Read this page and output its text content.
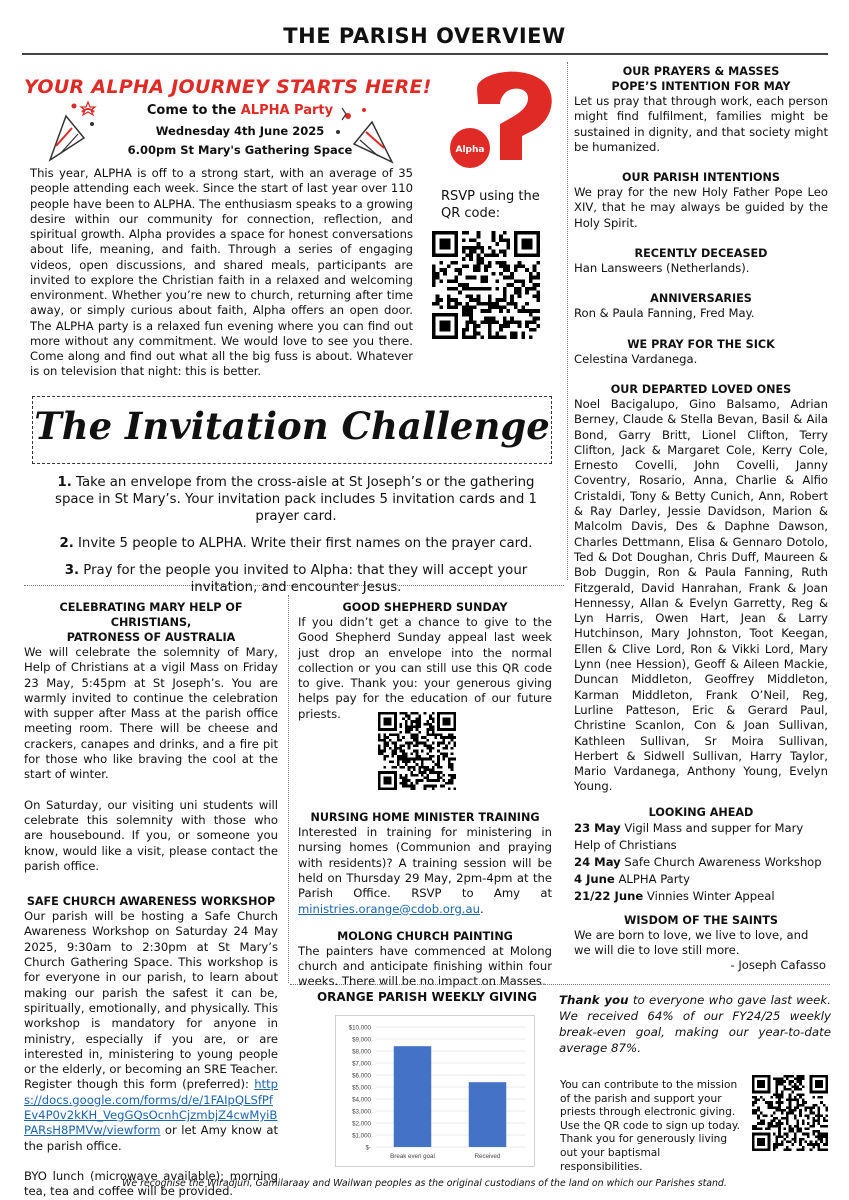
THE PARISH OVERVIEW
YOUR ALPHA JOURNEY STARTS HERE!
Come to the ALPHA Party
Wednesday 4th June 2025
6.00pm St Mary's Gathering Space	Alpha
This year, ALPHA is off to a strong start, with an average of 35 people attending each week. Since the start of last year over 110 people have been to ALPHA. The enthusiasm speaks to a growing desire within our community for connection, reflection, and spiritual growth. Alpha provides a space for honest conversations about life, meaning, and faith. Through a series of engaging videos, open discussions, and shared meals, participants are invited to explore the Christian faith in a relaxed and welcoming environment. Whether you’re new to church, returning after time away, or simply curious about faith, Alpha offers an open door. The ALPHA party is a relaxed fun evening where you can find out more without any commitment. We would love to see you there. Come along and find out what all the big fuss is about. Whatever is on television that night: this is better.
RSVP using the QR code:
The Invitation Challenge

1. Take an envelope from the cross-aisle at St Joseph’s or the gathering space in St Mary’s. Your invitation pack includes 5 invitation cards and 1 prayer card.

2. Invite 5 people to ALPHA. Write their first names on the prayer card.

3. Pray for the people you invited to Alpha: that they will accept your invitation, and encounter Jesus.

CELEBRATING MARY HELP OF CHRISTIANS,
PATRONESS OF AUSTRALIA

We will celebrate the solemnity of Mary, Help of Christians at a vigil Mass on Friday 23 May, 5:45pm at St Joseph’s. You are warmly invited to continue the celebration with supper after Mass at the parish office meeting room. There will be cheese and crackers, canapes and drinks, and a fire pit for those who like braving the cool at the start of winter.

On Saturday, our visiting uni students will celebrate this solemnity with those who are housebound. If you, or someone you know, would like a visit, please contact the parish office.

SAFE CHURCH AWARENESS WORKSHOP

Our parish will be hosting a Safe Church Awareness Workshop on Saturday 24 May 2025, 9:30am to 2:30pm at St Mary’s Church Gathering Space. This workshop is for everyone in our parish, to learn about making our parish the safest it can be, spiritually, emotionally, and physically. This workshop is mandatory for anyone in ministry, especially if you are, or are interested in, ministering to young people or the elderly, or becoming an SRE Teacher. Register though this form (preferred): https://docs.google.com/forms/d/e/1FAIpQLSfPfEv4P0v2kKH_VegGQsOcnhCjzmbjZ4cwMyiBPARsH8PMVw/viewform or let Amy know at the parish office.

BYO lunch (microwave available); morning tea, tea and coffee will be provided.

GOOD SHEPHERD SUNDAY

If you didn’t get a chance to give to the Good Shepherd Sunday appeal last week just drop an envelope into the normal collection or you can still use this QR code to give. Thank you: your generous giving helps pay for the education of our future priests.

NURSING HOME MINISTER TRAINING

Interested in training for ministering in nursing homes (Communion and praying with residents)? A training session will be held on Thursday 29 May, 2pm-4pm at the Parish Office. RSVP to Amy at ministries.orange@cdob.org.au.

MOLONG CHURCH PAINTING

The painters have commenced at Molong church and anticipate finishing within four weeks. There will be no impact on Masses.

OUR PRAYERS & MASSES
POPE’S INTENTION FOR MAY

Let us pray that through work, each person might find fulfilment, families might be sustained in dignity, and that society might be humanized.

OUR PARISH INTENTIONS

We pray for the new Holy Father Pope Leo XIV, that he may always be guided by the Holy Spirit.

RECENTLY DECEASED

Han Lansweers (Netherlands).

ANNIVERSARIES

Ron & Paula Fanning, Fred May.

WE PRAY FOR THE SICK

Celestina Vardanega.

OUR DEPARTED LOVED ONES

Noel Bacigalupo, Gino Balsamo, Adrian Berney, Claude & Stella Bevan, Basil & Aila Bond, Garry Britt, Lionel Clifton, Terry Clifton, Jack & Margaret Cole, Kerry Cole, Ernesto Covelli, John Covelli, Janny Coventry, Rosario, Anna, Charlie & Alfio Cristaldi, Tony & Betty Cunich, Ann, Robert & Ray Darley, Jessie Davidson, Marion & Malcolm Davis, Des & Daphne Dawson, Charles Dettmann, Elisa & Gennaro Dotolo, Ted & Dot Doughan, Chris Duff, Maureen & Bob Duggin, Ron & Paula Fanning, Ruth Fitzgerald, David Hanrahan, Frank & Joan Hennessy, Allan & Evelyn Garretty, Reg & Lyn Harris, Owen Hart, Jean & Larry Hutchinson, Mary Johnston, Toot Keegan, Ellen & Clive Lord, Ron & Vikki Lord, Mary Lynn (nee Hession), Geoff & Aileen Mackie, Duncan Middleton, Geoffrey Middleton, Karman Middleton, Frank O’Neil, Reg, Lurline Patteson, Eric & Gerard Paul, Christine Scanlon, Con & Joan Sullivan, Kathleen Sullivan, Sr Moira Sullivan, Herbert & Sidwell Sullivan, Harry Taylor, Mario Vardanega, Anthony Young, Evelyn Young.

LOOKING AHEAD

23 May Vigil Mass and supper for Mary Help of Christians

24 May Safe Church Awareness Workshop

4 June ALPHA Party

21/22 June Vinnies Winter Appeal

WISDOM OF THE SAINTS

We are born to love, we live to love, and we will die to love still more.

- Joseph Cafasso

ORANGE PARISH WEEKLY GIVING
$-
$1,000
$2,000
$3,000
$4,000
$5,000
$6,000
$7,000
$8,000
$9,000
$10,000
Break even goal	Received
Thank you to everyone who gave last week. We received 64% of our FY24/25 weekly break-even goal, making our year-to-date average 87%.
You can contribute to the mission of the parish and support your priests through electronic giving. Use the QR code to sign up today. Thank you for generously living out your baptismal responsibilities.
We recognise the Wiradjuri, Gamilaraay and Wailwan peoples as the original custodians of the land on which our Parishes stand.
